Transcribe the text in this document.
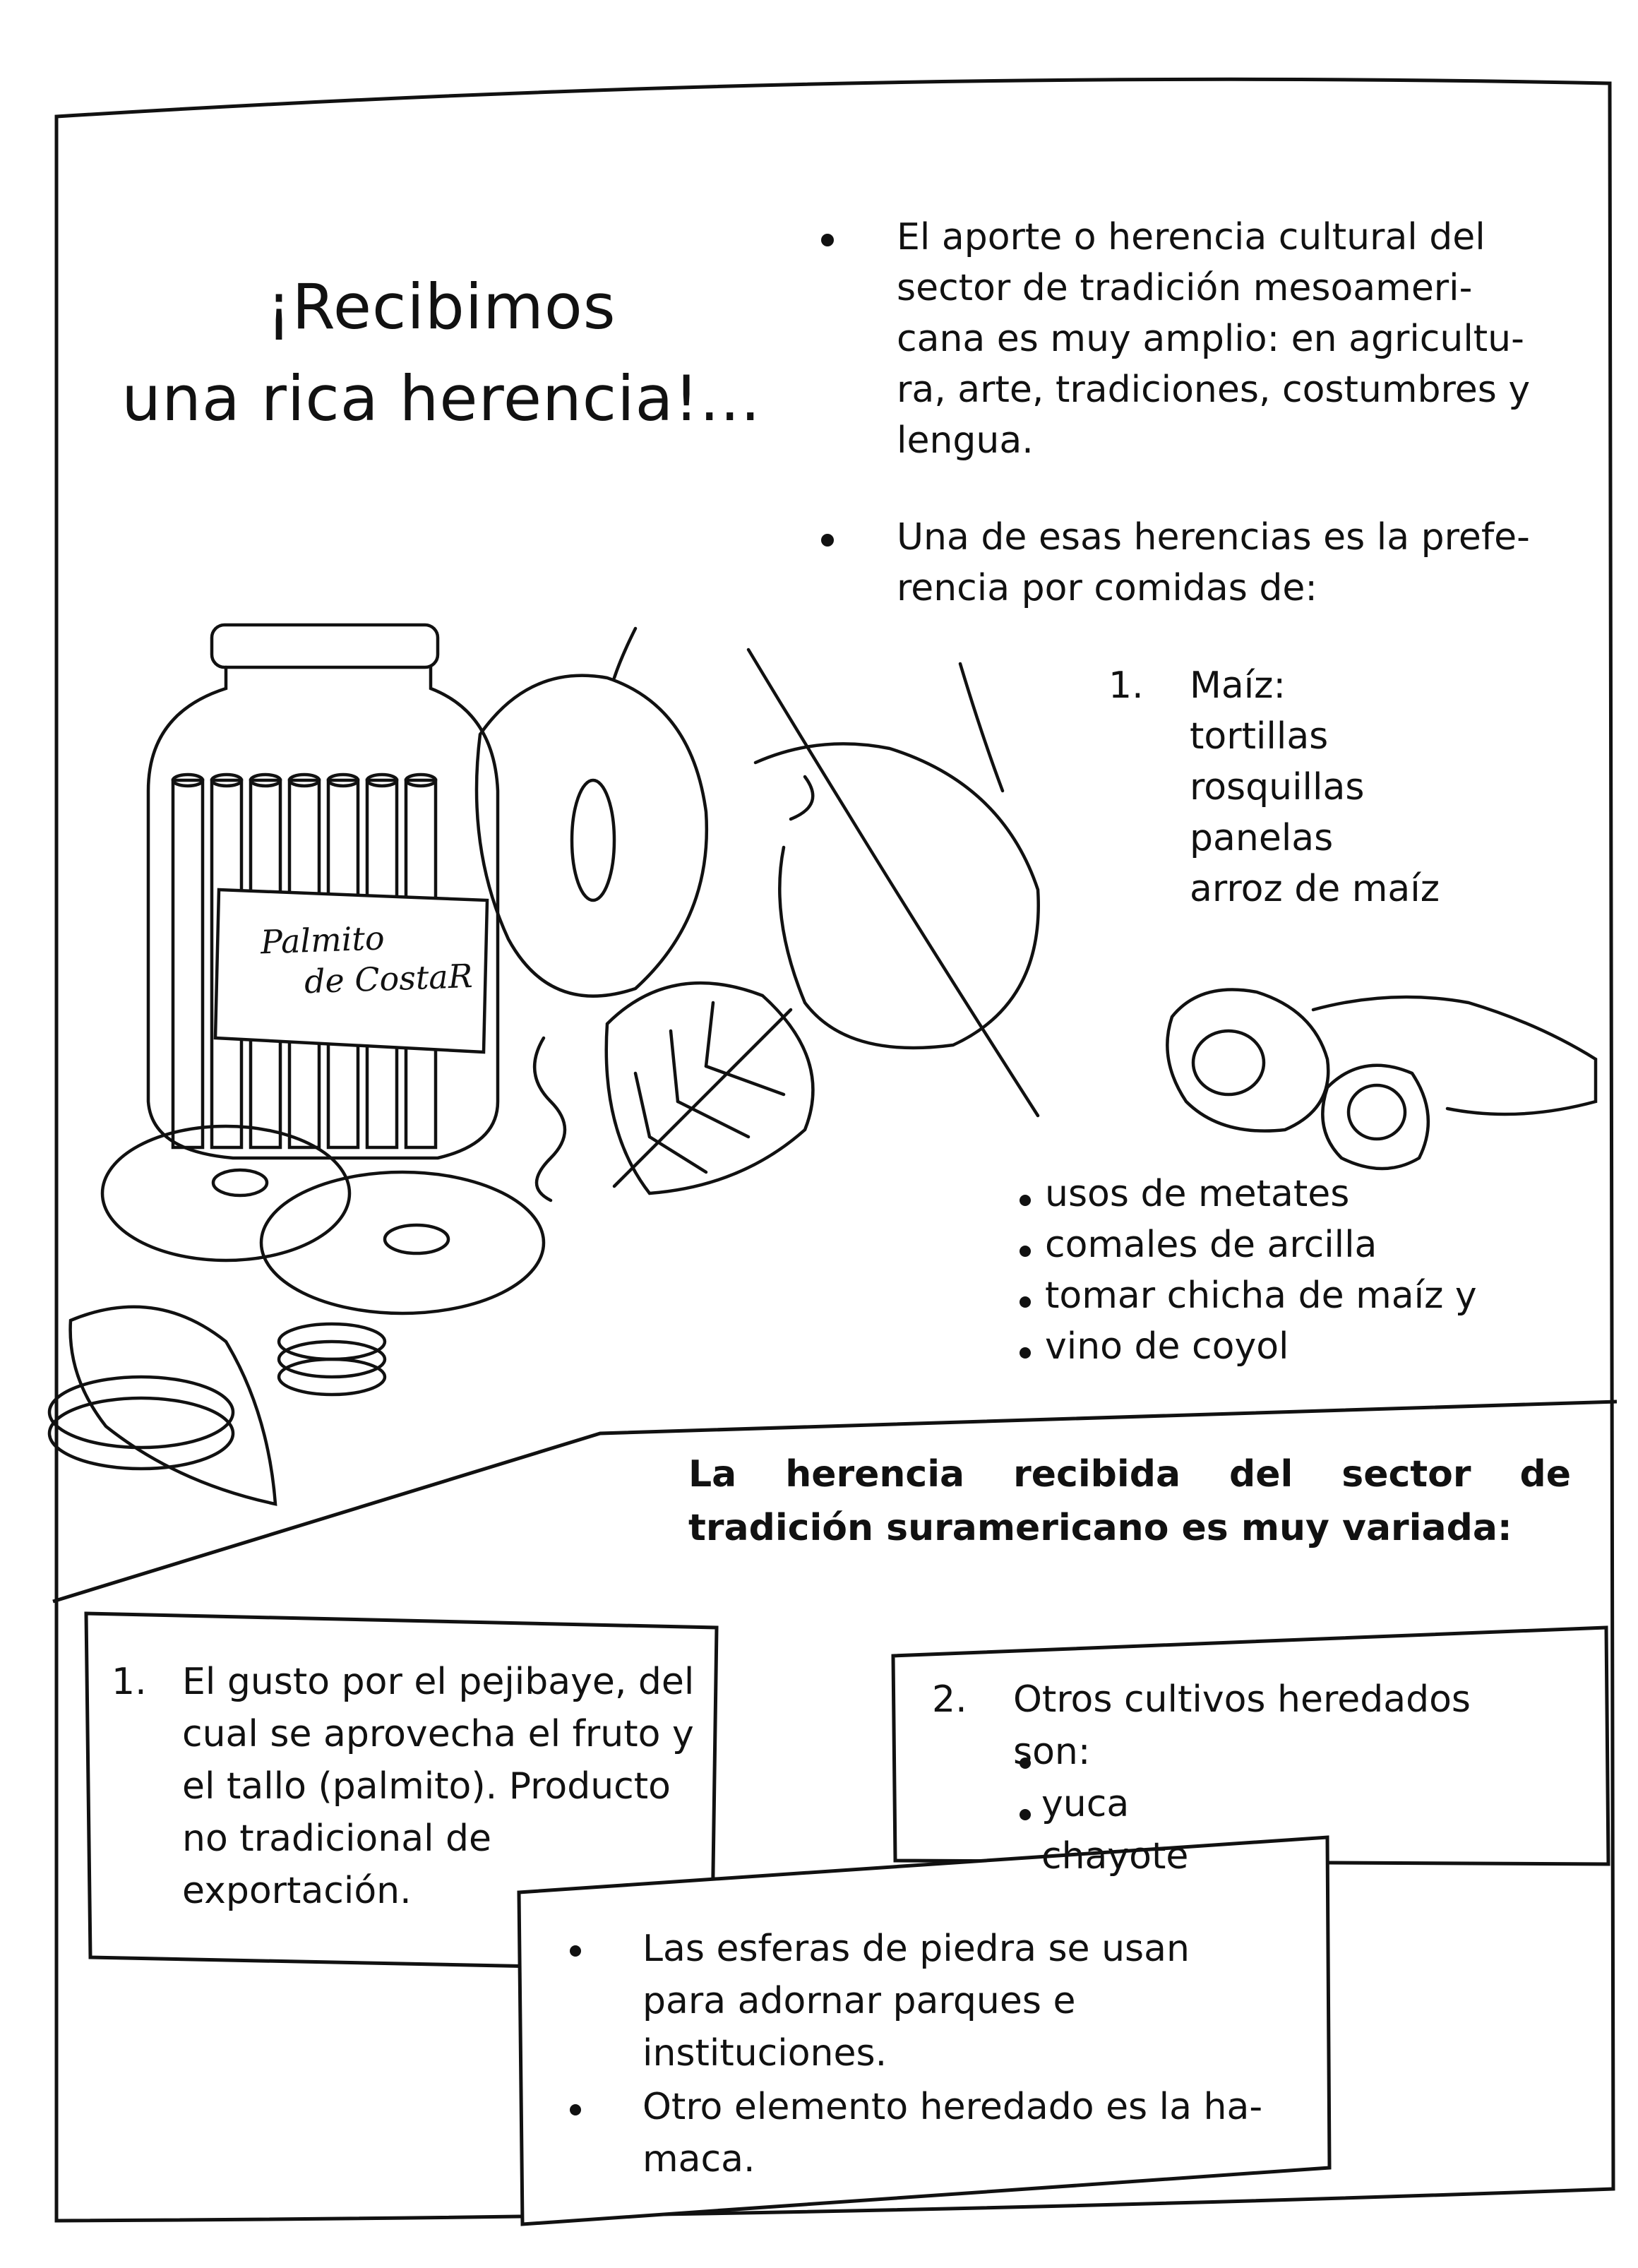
Palmito
de CostaR
¡Recibimos
una rica herencia!...
El aporte o herencia cultural del sector de tradición mesoameri- cana es muy amplio: en agricultu- ra, arte, tradiciones, costumbres y lengua.
Una de esas herencias es la prefe- rencia por comidas de:
1. Maíz:
tortillas
rosquillas
panelas
arroz de maíz
usos de metates
comales de arcilla
tomar chicha de maíz y
vino de coyol
La herencia recibida del sector de tradición suramericano es muy variada:
1. El gusto por el pejibaye, del cual se aprovecha el fruto y el tallo (palmito). Producto no tradicional de exportación.
2. Otros cultivos heredados son:
yuca
chayote
Las esferas de piedra se usan para adornar parques e instituciones.
Otro elemento heredado es la ha- maca.
